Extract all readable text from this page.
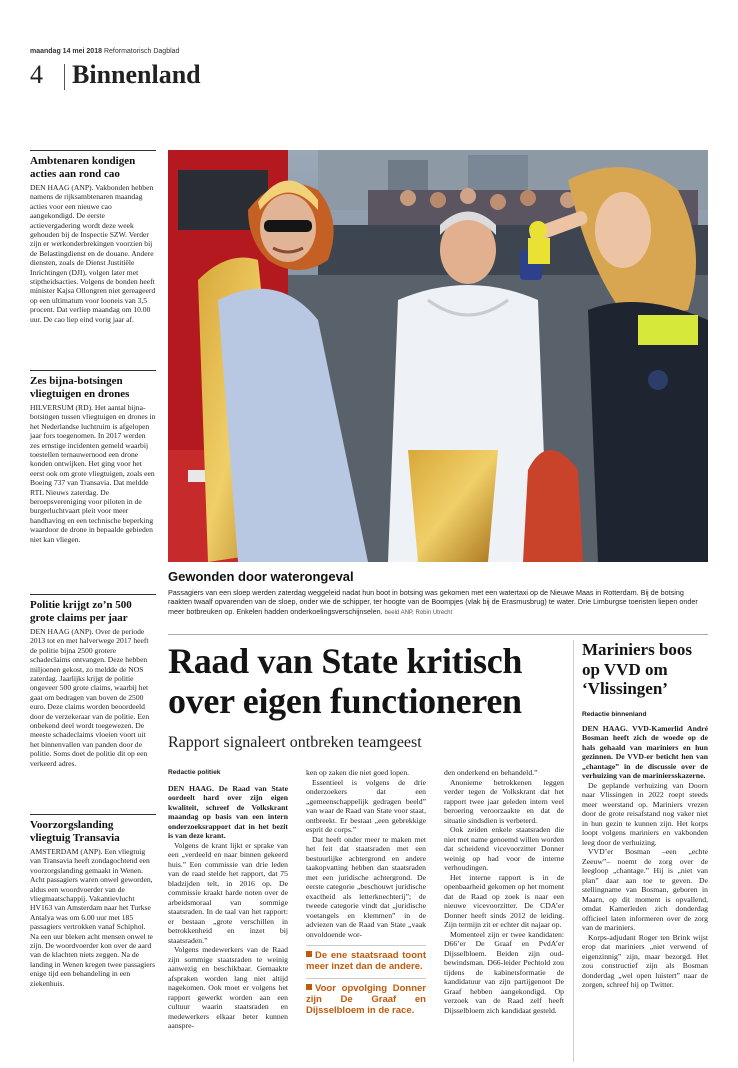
maandag 14 mei 2018 Reformatorisch Dagblad
4 Binnenland
Ambtenaren kondigen acties aan rond cao

DEN HAAG (ANP). Vakbonden hebben namens de rijksambtenaren maandag acties voor een nieuwe cao aangekondigd. De eerste actievergadering wordt deze week gehouden bij de Inspectie SZW. Verder zijn er werkonderbrekingen voorzien bij de Belastingdienst en de douane. Andere diensten, zoals de Dienst Justitiële Inrichtingen (DJI), volgen later met stiptheidsacties. Volgens de bonden heeft minister Kajsa Ollongren niet gereageerd op een ultimatum voor looneis van 3,5 procent. Dat verliep maandag om 10.00 uur. De cao liep eind vorig jaar af.

Zes bijna-botsingen vliegtuigen en drones

HILVERSUM (RD). Het aantal bijna-botsingen tussen vliegtuigen en drones in het Nederlandse luchtruim is afgelopen jaar fors toegenomen. In 2017 werden zes ernstige incidenten gemeld waarbij toestellen ternauwernood een drone konden ontwijken. Het ging voor het eerst ook om grote vliegtuigen, zoals een Boeing 737 van Transavia. Dat meldde RTL Nieuws zaterdag. De beroepsvereniging voor piloten in de burgerluchtvaart pleit voor meer handhaving en een technische beperking waardoor de drone in bepaalde gebieden niet kan vliegen.

Politie krijgt zo’n 500 grote claims per jaar

DEN HAAG (ANP). Over de periode 2013 tot en met halverwege 2017 heeft de politie bijna 2500 grotere schadeclaims ontvangen. Deze hebben miljoenen gekost, zo meldde de NOS zaterdag. Jaarlijks krijgt de politie ongeveer 500 grote claims, waarbij het gaat om bedragen van boven de 2500 euro. Deze claims worden beoordeeld door de verzekeraar van de politie. Een onbekend deel wordt toegewezen. De meeste schadeclaims vloeien voort uit het binnenvallen van panden door de politie. Soms doet de politie dit op een verkeerd adres.

Voorzorgslanding vliegtuig Transavia

AMSTERDAM (ANP). Een vliegtuig van Transavia heeft zondagochtend een voorzorgslanding gemaakt in Wenen. Acht passagiers waren onwel geworden, aldus een woordvoerder van de vliegmaatschappij. Vakantievlucht HV163 van Amsterdam naar het Turkse Antalya was om 6.00 uur met 185 passagiers vertrokken vanaf Schiphol. Na een uur bleken acht mensen onwel te zijn. De woordvoerder kon over de aard van de klachten niets zeggen. Na de landing in Wenen kregen twee passagiers enige tijd een behandeling in een ziekenhuis.

Gewonden door waterongeval
Passagiers van een sloep werden zaterdag weggeleid nadat hun boot in botsing was gekomen met een watertaxi op de Nieuwe Maas in Rotterdam. Bij de botsing raakten twaalf opvarenden van de sloep, onder wie de schipper, ter hoogte van de Boompjes (vlak bij de Erasmusbrug) te water. Drie Limburgse toeristen liepen onder meer botbreuken op. Enkelen hadden onderkoelingsverschijnselen. beeld ANP, Robin Utrecht
Raad van State kritisch over eigen functioneren
Rapport signaleert ontbreken teamgeest
Redactie politiek

DEN HAAG. De Raad van State oordeelt hard over zijn eigen kwaliteit, schreef de Volkskrant maandag op basis van een intern onderzoeksrapport dat in het bezit is van deze krant.

Volgens de krant lijkt er sprake van een „verdeeld en naar binnen gekeerd huis.” Een commissie van drie leden van de raad stelde het rapport, dat 75 bladzijden telt, in 2016 op. De commissie kraakt harde noten over de arbeidsmoraal van sommige staatsraden. In de taal van het rapport: er bestaan „grote verschillen in betrokkenheid en inzet bij staatsraden.”

Volgens medewerkers van de Raad zijn sommige staatsraden te weinig aanwezig en beschikbaar. Gemaakte afspraken worden lang niet altijd nagekomen. Ook moet er volgens het rapport gewerkt worden aan een cultuur waarin staatsraden en medewerkers elkaar beter kunnen aanspre-

ken op zaken die niet goed lopen.

Essentieel is volgens de drie onderzoekers dat een „gemeenschappelijk gedragen beeld” van waar de Raad van State voor staat, ontbreekt. Er bestaat „een gebrekkige esprit de corps.”

Dat heeft onder meer te maken met het feit dat staatsraden met een bestuurlijke achtergrond en andere taakopvatting hebben dan staatsraden met een juridische achtergrond. De eerste categorie „beschouwt juridische exactheid als letterknechterij”; de tweede categorie vindt dat „juridische voetangels en klemmen” in de adviezen van de Raad van State „vaak onvoldoende wor-

De ene staatsraad toont meer inzet dan de andere.
Voor opvolging Donner zijn De Graaf en Dijsselbloem in de race.

den onderkend en behandeld.”

Anonieme betrokkenen leggen verder tegen de Volkskrant dat het rapport twee jaar geleden intern veel beroering veroorzaakte en dat de situatie sindsdien is verbeterd.

Ook zeiden enkele staatsraden die niet met name genoemd willen worden dat scheidend vicevoorzitter Donner weinig op had voor de interne verhoudingen.

Het interne rapport is in de openbaarheid gekomen op het moment dat de Raad op zoek is naar een nieuwe vicevoorzitter. De CDA’er Donner heeft sinds 2012 de leiding. Zijn termijn zit er echter dit najaar op.

Momenteel zijn er twee kandidaten: D66’er De Graaf en PvdA’er Dijsselbloem. Beiden zijn oud-bewindsman. D66-leider Pechtold zou tijdens de kabinetsformatie de kandidatuur van zijn partijgenoot De Graaf hebben aangekondigd. Op verzoek van de Raad zelf heeft Dijsselbloem zich kandidaat gesteld.

Mariniers boos op VVD om ‘Vlissingen’
Redactie binnenland

DEN HAAG. VVD-Kamerlid André Bosman heeft zich de woede op de hals gehaald van mariniers en hun gezinnen. De VVD-er beticht hen van „chantage” in de discussie over de verhuizing van de mariniersskazerne.

De geplande verhuizing van Doorn naar Vlissingen in 2022 roept steeds meer weerstand op. Mariniers vrezen door de grote reisafstand nog vaker niet in hun gezin te kunnen zijn. Het korps loopt volgens mariniers en vakbonden leeg door de verhuizing.

VVD’er Bosman –een „echte Zeeuw”– noemt de zorg over de leegloop „chantage.” Hij is „niet van plan” daar aan toe te geven. De stellingname van Bosman, geboren in Maarn, op dit moment is opvallend, omdat Kamerleden zich donderdag officieel laten informeren over de zorg van de mariniers.

Korps-adjudant Roger ten Brink wijst erop dat mariniers „niet verwend of eigenzinnig” zijn, maar bezorgd. Het zou constructief zijn als Bosman donderdag „wel open luistert” naar de zorgen, schreef hij op Twitter.
